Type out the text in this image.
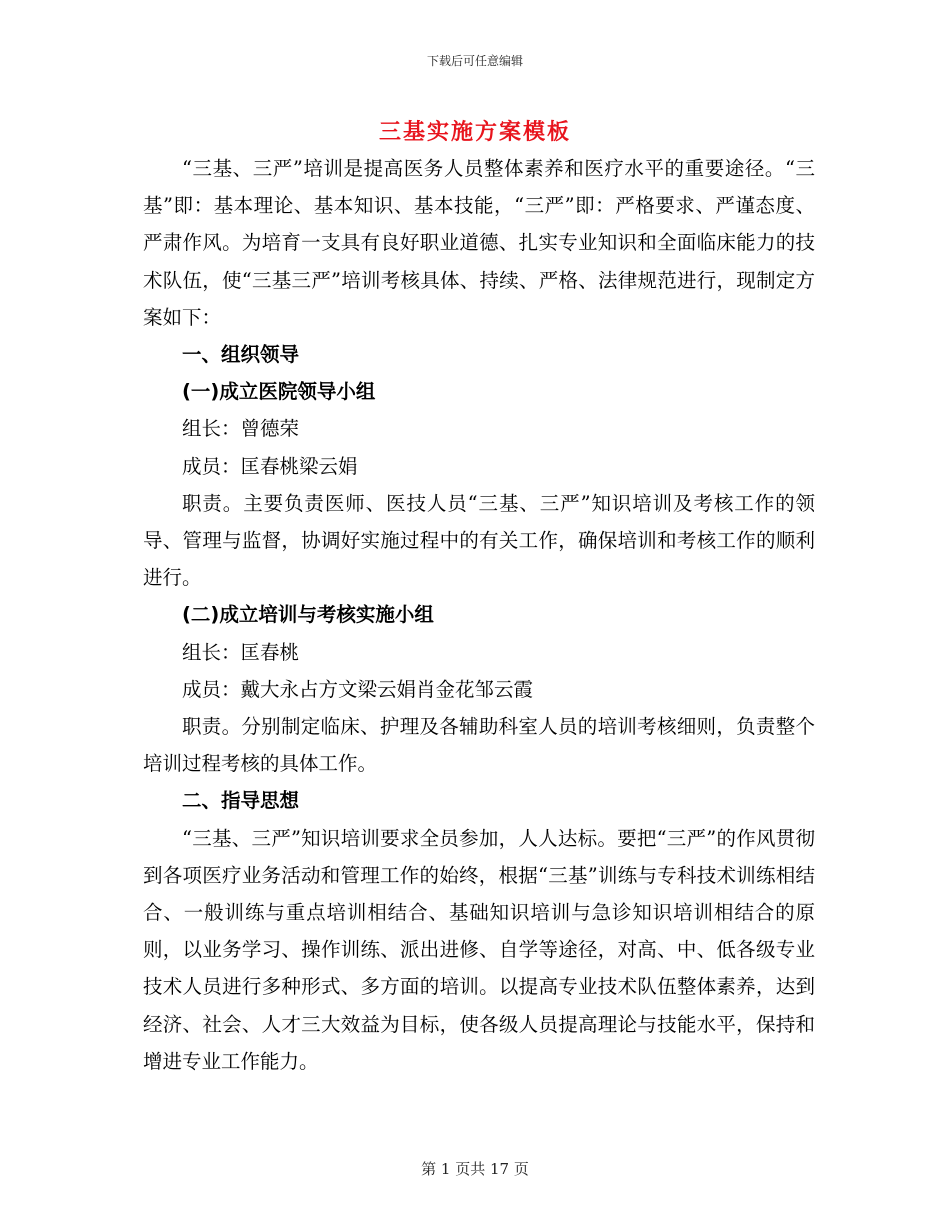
下载后可任意编辑
三基实施方案模板

“三基、三严”培训是提高医务人员整体素养和医疗水平的重要途径。“三基”即：基本理论、基本知识、基本技能，“三严”即：严格要求、严谨态度、严肃作风。为培育一支具有良好职业道德、扎实专业知识和全面临床能力的技术队伍，使“三基三严”培训考核具体、持续、严格、法律规范进行，现制定方案如下：

一、组织领导

(一)成立医院领导小组

组长：曾德荣

成员：匡春桃梁云娟

职责。主要负责医师、医技人员“三基、三严”知识培训及考核工作的领导、管理与监督，协调好实施过程中的有关工作，确保培训和考核工作的顺利进行。

(二)成立培训与考核实施小组

组长：匡春桃

成员：戴大永占方文梁云娟肖金花邹云霞

职责。分别制定临床、护理及各辅助科室人员的培训考核细则，负责整个培训过程考核的具体工作。

二、指导思想

“三基、三严”知识培训要求全员参加，人人达标。要把“三严”的作风贯彻到各项医疗业务活动和管理工作的始终，根据“三基”训练与专科技术训练相结合、一般训练与重点培训相结合、基础知识培训与急诊知识培训相结合的原则，以业务学习、操作训练、派出进修、自学等途径，对高、中、低各级专业技术人员进行多种形式、多方面的培训。以提高专业技术队伍整体素养，达到经济、社会、人才三大效益为目标，使各级人员提高理论与技能水平，保持和增进专业工作能力。

第 1 页共 17 页
